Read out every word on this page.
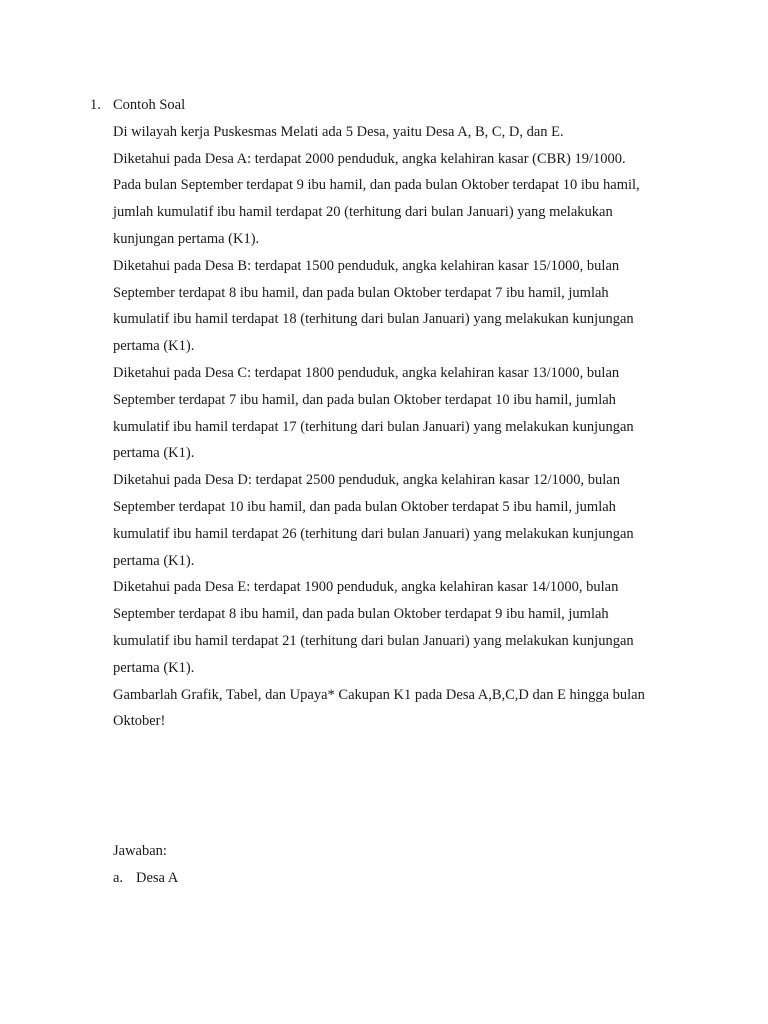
1. Contoh Soal
Di wilayah kerja Puskesmas Melati ada 5 Desa, yaitu Desa A, B, C, D, dan E.
Diketahui pada Desa A: terdapat 2000 penduduk, angka kelahiran kasar (CBR) 19/1000.
Pada bulan September terdapat 9 ibu hamil, dan pada bulan Oktober terdapat 10 ibu hamil,
jumlah kumulatif ibu hamil terdapat 20 (terhitung dari bulan Januari) yang melakukan
kunjungan pertama (K1).
Diketahui pada Desa B: terdapat 1500 penduduk, angka kelahiran kasar 15/1000, bulan
September terdapat 8 ibu hamil, dan pada bulan Oktober terdapat 7 ibu hamil, jumlah
kumulatif ibu hamil terdapat 18 (terhitung dari bulan Januari) yang melakukan kunjungan
pertama (K1).
Diketahui pada Desa C: terdapat 1800 penduduk, angka kelahiran kasar 13/1000, bulan
September terdapat 7 ibu hamil, dan pada bulan Oktober terdapat 10 ibu hamil, jumlah
kumulatif ibu hamil terdapat 17 (terhitung dari bulan Januari) yang melakukan kunjungan
pertama (K1).
Diketahui pada Desa D: terdapat 2500 penduduk, angka kelahiran kasar 12/1000, bulan
September terdapat 10 ibu hamil, dan pada bulan Oktober terdapat 5 ibu hamil, jumlah
kumulatif ibu hamil terdapat 26 (terhitung dari bulan Januari) yang melakukan kunjungan
pertama (K1).
Diketahui pada Desa E: terdapat 1900 penduduk, angka kelahiran kasar 14/1000, bulan
September terdapat 8 ibu hamil, dan pada bulan Oktober terdapat 9 ibu hamil, jumlah
kumulatif ibu hamil terdapat 21 (terhitung dari bulan Januari) yang melakukan kunjungan
pertama (K1).
Gambarlah Grafik, Tabel, dan Upaya* Cakupan K1 pada Desa A,B,C,D dan E hingga bulan
Oktober!
Jawaban:
a. Desa A
